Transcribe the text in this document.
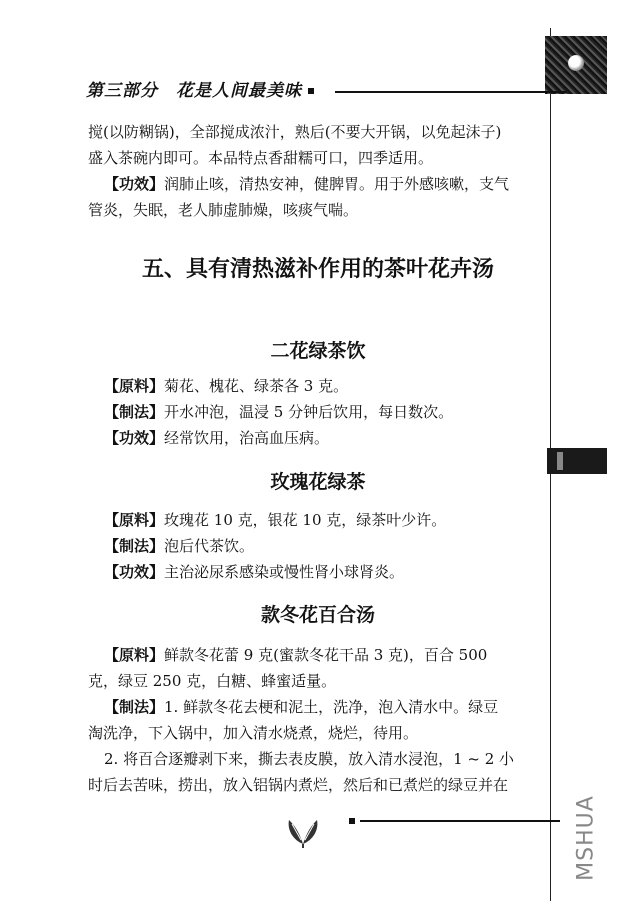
第三部分　花是人间最美味
搅(以防糊锅)，全部搅成浓汁，熟后(不要大开锅，以免起沫子)
盛入茶碗内即可。本品特点香甜糯可口，四季适用。
【功效】润肺止咳，清热安神，健脾胃。用于外感咳嗽，支气
管炎，失眠，老人肺虚肺燥，咳痰气喘。
五、具有清热滋补作用的茶叶花卉汤
二花绿茶饮
【原料】菊花、槐花、绿茶各 3 克。
【制法】开水冲泡，温浸 5 分钟后饮用，每日数次。
【功效】经常饮用，治高血压病。
玫瑰花绿茶
【原料】玫瑰花 10 克，银花 10 克，绿茶叶少许。
【制法】泡后代茶饮。
【功效】主治泌尿系感染或慢性肾小球肾炎。
款冬花百合汤
【原料】鲜款冬花蕾 9 克(蜜款冬花干品 3 克)，百合 500
克，绿豆 250 克，白糖、蜂蜜适量。
【制法】1. 鲜款冬花去梗和泥土，洗净，泡入清水中。绿豆
淘洗净，下入锅中，加入清水烧煮，烧烂，待用。
2. 将百合逐瓣剥下来，撕去表皮膜，放入清水浸泡，1 ~ 2 小
时后去苦味，捞出，放入铝锅内煮烂，然后和已煮烂的绿豆并在
MSHUA
